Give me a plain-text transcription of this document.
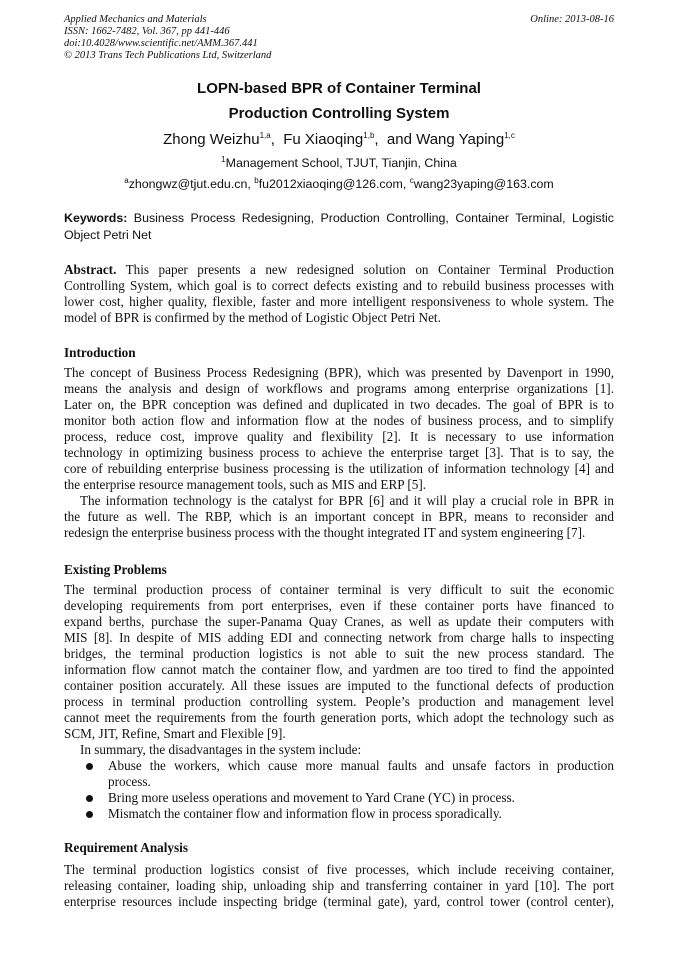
Applied Mechanics and Materials
ISSN: 1662-7482, Vol. 367, pp 441-446
doi:10.4028/www.scientific.net/AMM.367.441
© 2013 Trans Tech Publications Ltd, Switzerland
Online: 2013-08-16
LOPN-based BPR of Container Terminal
Production Controlling System
Zhong Weizhu$^{1,a}$,  Fu Xiaoqing$^{1,b}$,  and Wang Yaping$^{1,c}$
$^1$Management School, TJUT, Tianjin, China
$^a$zhongwz@tjut.edu.cn, $^b$fu2012xiaoqing@126.com, $^c$wang23yaping@163.com
Keywords: Business Process Redesigning, Production Controlling, Container Terminal, Logistic
Object Petri Net
Abstract. This paper presents a new redesigned solution on Container Terminal Production
Controlling System, which goal is to correct defects existing and to rebuild business processes with
lower cost, higher quality, flexible, faster and more intelligent responsiveness to whole system. The
model of BPR is confirmed by the method of Logistic Object Petri Net.
Introduction
The concept of Business Process Redesigning (BPR), which was presented by Davenport in 1990,
means the analysis and design of workflows and programs among enterprise organizations [1].
Later on, the BPR conception was defined and duplicated in two decades. The goal of BPR is to
monitor both action flow and information flow at the nodes of business process, and to simplify
process, reduce cost, improve quality and flexibility [2]. It is necessary to use information
technology in optimizing business process to achieve the enterprise target [3]. That is to say, the
core of rebuilding enterprise business processing is the utilization of information technology [4] and
the enterprise resource management tools, such as MIS and ERP [5].
The information technology is the catalyst for BPR [6] and it will play a crucial role in BPR in
the future as well. The RBP, which is an important concept in BPR, means to reconsider and
redesign the enterprise business process with the thought integrated IT and system engineering [7].
Existing Problems
The terminal production process of container terminal is very difficult to suit the economic
developing requirements from port enterprises, even if these container ports have financed to
expand berths, purchase the super-Panama Quay Cranes, as well as update their computers with
MIS [8]. In despite of MIS adding EDI and connecting network from charge halls to inspecting
bridges, the terminal production logistics is not able to suit the new process standard. The
information flow cannot match the container flow, and yardmen are too tired to find the appointed
container position accurately. All these issues are imputed to the functional defects of production
process in terminal production controlling system. People’s production and management level
cannot meet the requirements from the fourth generation ports, which adopt the technology such as
SCM, JIT, Refine, Smart and Flexible [9].
In summary, the disadvantages in the system include:
Abuse the workers, which cause more manual faults and unsafe factors in production
process.
Bring more useless operations and movement to Yard Crane (YC) in process.
Mismatch the container flow and information flow in process sporadically.
Requirement Analysis
The terminal production logistics consist of five processes, which include receiving container,
releasing container, loading ship, unloading ship and transferring container in yard [10]. The port
enterprise resources include inspecting bridge (terminal gate), yard, control tower (control center),
